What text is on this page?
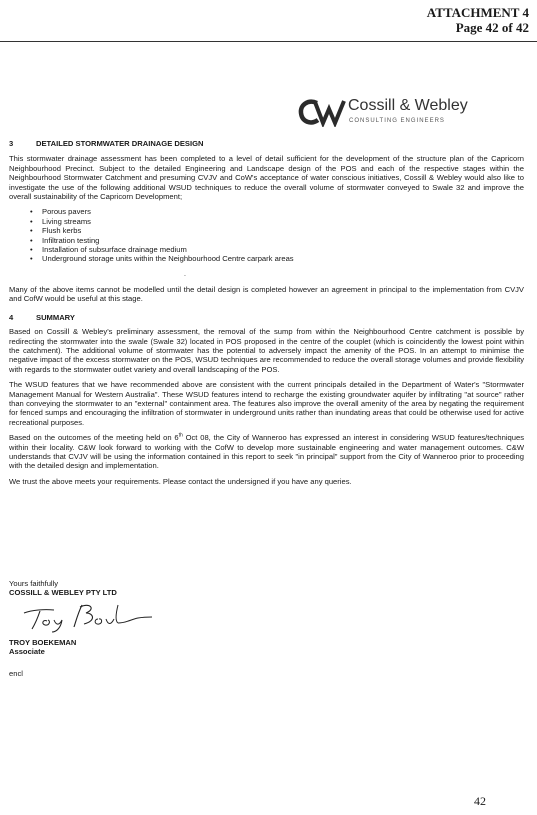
ATTACHMENT 4
Page 42 of 42
Cossill & Webley
CONSULTING ENGINEERS
3	DETAILED STORMWATER DRAINAGE DESIGN

This stormwater drainage assessment has been completed to a level of detail sufficient for the development of the structure plan of the Capricorn Neighbourhood Precinct. Subject to the detailed Engineering and Landscape design of the POS and each of the respective stages within the Neighbourhood Stormwater Catchment and presuming CVJV and CoW's acceptance of water conscious initiatives, Cossill & Webley would also like to investigate the use of the following additional WSUD techniques to reduce the overall volume of stormwater conveyed to Swale 32 and improve the overall sustainability of the Capricorn Development;

• Porous pavers
• Living streams
• Flush kerbs
• Infiltration testing
• Installation of subsurface drainage medium
• Underground storage units within the Neighbourhood Centre carpark areas
.

Many of the above items cannot be modelled until the detail design is completed however an agreement in principal to the implementation from CVJV and CofW would be useful at this stage.

4	SUMMARY

Based on Cossill & Webley's preliminary assessment, the removal of the sump from within the Neighbourhood Centre catchment is possible by redirecting the stormwater into the swale (Swale 32) located in POS proposed in the centre of the couplet (which is coincidently the lowest point within the catchment). The additional volume of stormwater has the potential to adversely impact the amenity of the POS. In an attempt to minimise the negative impact of the excess stormwater on the POS, WSUD techniques are recommended to reduce the overall storage volumes and provide flexibility with regards to the stormwater outlet variety and overall landscaping of the POS.

The WSUD features that we have recommended above are consistent with the current principals detailed in the Department of Water's "Stormwater Management Manual for Western Australia". These WSUD features intend to recharge the existing groundwater aquifer by infiltrating "at source" rather than conveying the stormwater to an "external" containment area. The features also improve the overall amenity of the area by negating the requirement for fenced sumps and encouraging the infiltration of stormwater in underground units rather than inundating areas that could be otherwise used for active recreational purposes.

Based on the outcomes of the meeting held on 6th Oct 08, the City of Wanneroo has expressed an interest in considering WSUD features/techniques within their locality. C&W look forward to working with the CofW to develop more sustainable engineering and water management outcomes. C&W understands that CVJV will be using the information contained in this report to seek "in principal" support from the City of Wanneroo prior to proceeding with the detailed design and implementation.

We trust the above meets your requirements. Please contact the undersigned if you have any queries.

Yours faithfully
COSSILL & WEBLEY PTY LTD
TROY BOEKEMAN
Associate
encl
42
